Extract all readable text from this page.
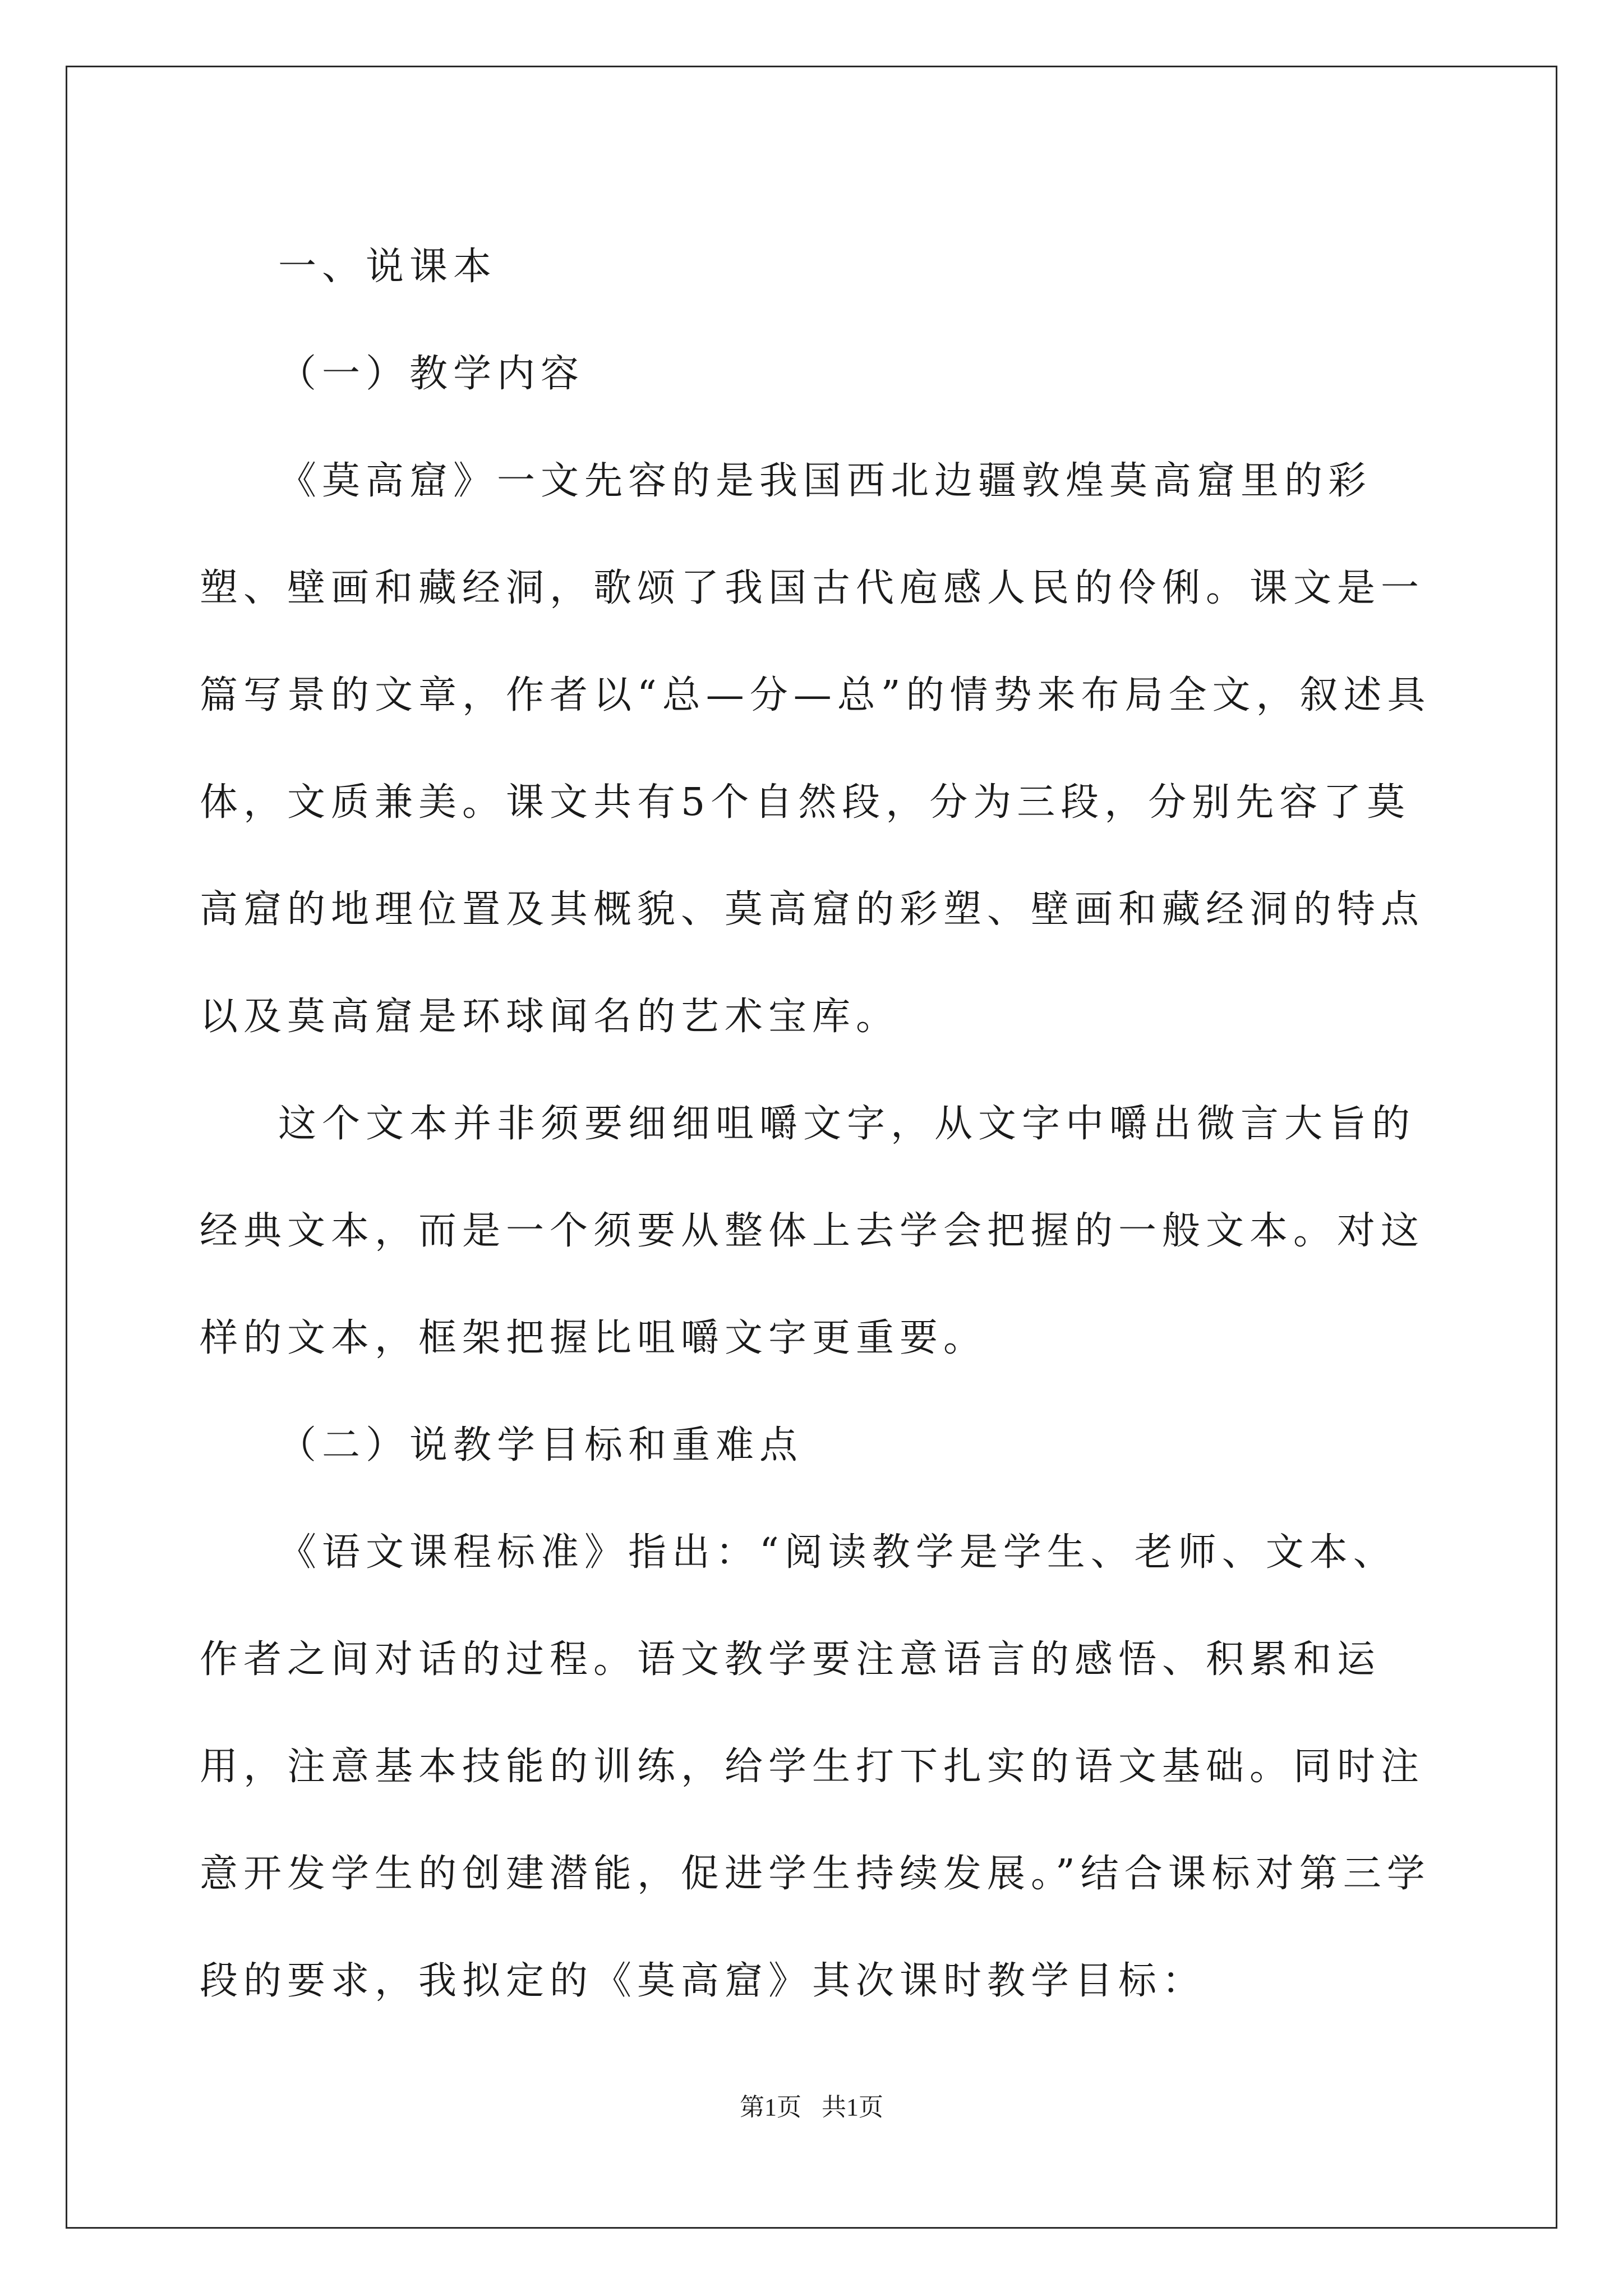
一、说课本

（一）教学内容

《莫高窟》一文先容的是我国西北边疆敦煌莫高窟里的彩塑、壁画和藏经洞，歌颂了我国古代庖感人民的伶俐。课文是一篇写景的文章，作者以“总—分—总”的情势来布局全文，叙述具体，文质兼美。课文共有5个自然段，分为三段，分别先容了莫高窟的地理位置及其概貌、莫高窟的彩塑、壁画和藏经洞的特点以及莫高窟是环球闻名的艺术宝库。

这个文本并非须要细细咀嚼文字，从文字中嚼出微言大旨的经典文本，而是一个须要从整体上去学会把握的一般文本。对这样的文本，框架把握比咀嚼文字更重要。

（二）说教学目标和重难点

《语文课程标准》指出：“阅读教学是学生、老师、文本、作者之间对话的过程。语文教学要注意语言的感悟、积累和运用，注意基本技能的训练，给学生打下扎实的语文基础。同时注意开发学生的创建潜能，促进学生持续发展。”结合课标对第三学段的要求，我拟定的《莫高窟》其次课时教学目标：

第1页 共1页
